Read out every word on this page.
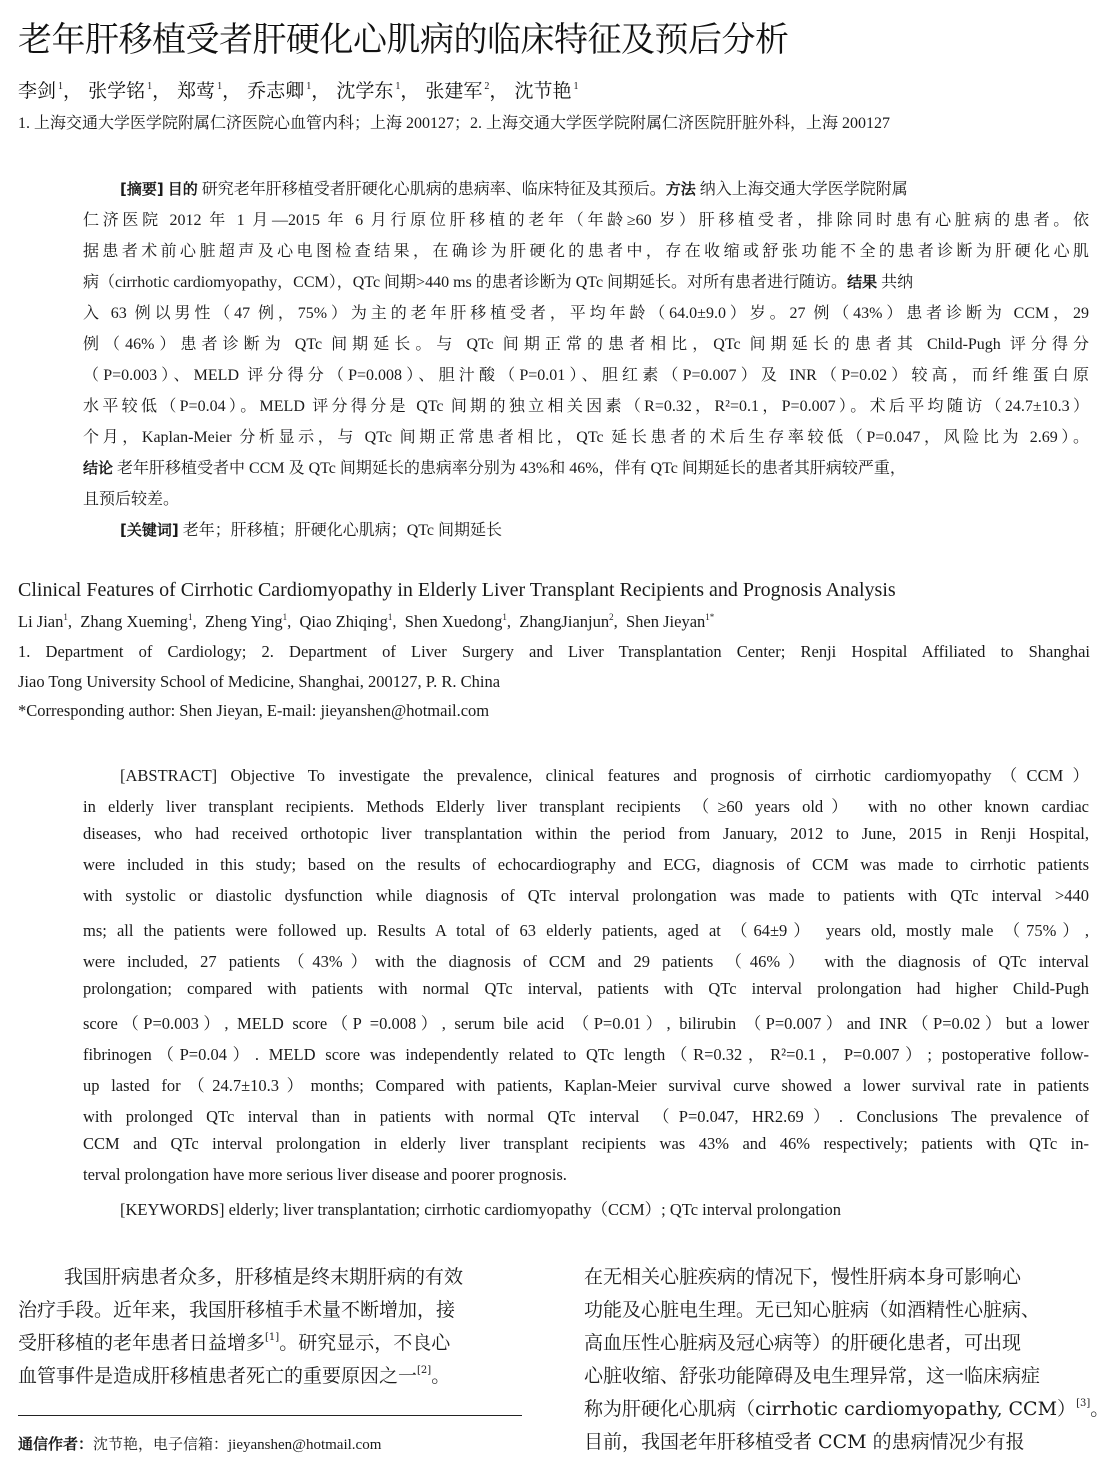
老年肝移植受者肝硬化心肌病的临床特征及预后分析
李剑 $^1$， 张学铭 $^1$， 郑莺 $^1$， 乔志卿 $^1$， 沈学东 $^1$， 张建军 $^2$， 沈节艳 $^1$
1. 上海交通大学医学院附属仁济医院心血管内科；上海 200127；2. 上海交通大学医学院附属仁济医院肝脏外科，上海 200127
[摘要] 目的 研究老年肝移植受者肝硬化心肌病的患病率、临床特征及其预后。方法 纳入上海交通大学医学院附属
仁济医院 2012 年 1 月—2015 年 6 月行原位肝移植的老年（年龄≥60 岁）肝移植受者，排除同时患有心脏病的患者。依
据患者术前心脏超声及心电图检查结果，在确诊为肝硬化的患者中，存在收缩或舒张功能不全的患者诊断为肝硬化心肌
病（cirrhotic cardiomyopathy，CCM），QTc 间期>440 ms 的患者诊断为 QTc 间期延长。对所有患者进行随访。结果 共纳
入 63 例以男性（47 例，75%）为主的老年肝移植受者，平均年龄（64.0±9.0）岁。27 例（43%）患者诊断为 CCM，29
例（46%）患者诊断为 QTc 间期延长。与 QTc 间期正常的患者相比，QTc 间期延长的患者其 Child-Pugh 评分得分
（P=0.003）、MELD 评分得分（P=0.008）、胆汁酸（P=0.01）、胆红素（P=0.007）及 INR（P=0.02）较高，而纤维蛋白原
水平较低（P=0.04）。MELD 评分得分是 QTc 间期的独立相关因素（R=0.32，R²=0.1，P=0.007）。术后平均随访（24.7±10.3）
个月，Kaplan-Meier 分析显示，与 QTc 间期正常患者相比，QTc 延长患者的术后生存率较低（P=0.047，风险比为 2.69）。
结论 老年肝移植受者中 CCM 及 QTc 间期延长的患病率分别为 43%和 46%，伴有 QTc 间期延长的患者其肝病较严重，
且预后较差。
[关键词] 老年；肝移植；肝硬化心肌病；QTc 间期延长
Clinical Features of Cirrhotic Cardiomyopathy in Elderly Liver Transplant Recipients and Prognosis Analysis
Li Jian$^1$,  Zhang Xueming$^1$,  Zheng Ying$^1$,  Qiao Zhiqing$^1$,  Shen Xuedong$^1$,  ZhangJianjun$^2$,  Shen Jieyan$^{1*}$
1. Department of Cardiology; 2. Department of Liver Surgery and Liver Transplantation Center; Renji Hospital Affiliated to Shanghai
Jiao Tong University School of Medicine, Shanghai, 200127, P. R. China
*Corresponding author: Shen Jieyan, E-mail: jieyanshen@hotmail.com
[ABSTRACT] Objective To investigate the prevalence, clinical features and prognosis of cirrhotic cardiomyopathy（CCM）
in elderly liver transplant recipients. Methods Elderly liver transplant recipients （≥60 years old） with no other known cardiac
diseases, who had received orthotopic liver transplantation within the period from January, 2012 to June, 2015 in Renji Hospital,
were included in this study; based on the results of echocardiography and ECG, diagnosis of CCM was made to cirrhotic patients
with systolic or diastolic dysfunction while diagnosis of QTc interval prolongation was made to patients with QTc interval >440
ms; all the patients were followed up. Results A total of 63 elderly patients, aged at （64±9） years old, mostly male （75%）,
were included, 27 patients（43%）with the diagnosis of CCM and 29 patients （46%） with the diagnosis of QTc interval
prolongation; compared with patients with normal QTc interval, patients with QTc interval prolongation had higher Child-Pugh
score（P=0.003）, MELD score（P =0.008）, serum bile acid （P=0.01）, bilirubin （P=0.007）and INR（P=0.02）but a lower
fibrinogen（P=0.04）. MELD score was independently related to QTc length（R=0.32，R²=0.1，P=0.007）; postoperative follow-
up lasted for（24.7±10.3）months; Compared with patients, Kaplan-Meier survival curve showed a lower survival rate in patients
with prolonged QTc interval than in patients with normal QTc interval （P=0.047, HR2.69）. Conclusions The prevalence of
CCM and QTc interval prolongation in elderly liver transplant recipients was 43% and 46% respectively; patients with QTc in-
terval prolongation have more serious liver disease and poorer prognosis.
[KEYWORDS] elderly; liver transplantation; cirrhotic cardiomyopathy（CCM）; QTc interval prolongation
我国肝病患者众多，肝移植是终末期肝病的有效
治疗手段。近年来，我国肝移植手术量不断增加，接
受肝移植的老年患者日益增多[1]。研究显示，不良心
血管事件是造成肝移植患者死亡的重要原因之一[2]。
通信作者：沈节艳，电子信箱：jieyanshen@hotmail.com
在无相关心脏疾病的情况下，慢性肝病本身可影响心
功能及心脏电生理。无已知心脏病（如酒精性心脏病、
高血压性心脏病及冠心病等）的肝硬化患者，可出现
心脏收缩、舒张功能障碍及电生理异常，这一临床病症
称为肝硬化心肌病（cirrhotic cardiomyopathy, CCM）[3]。
目前，我国老年肝移植受者 CCM 的患病情况少有报
